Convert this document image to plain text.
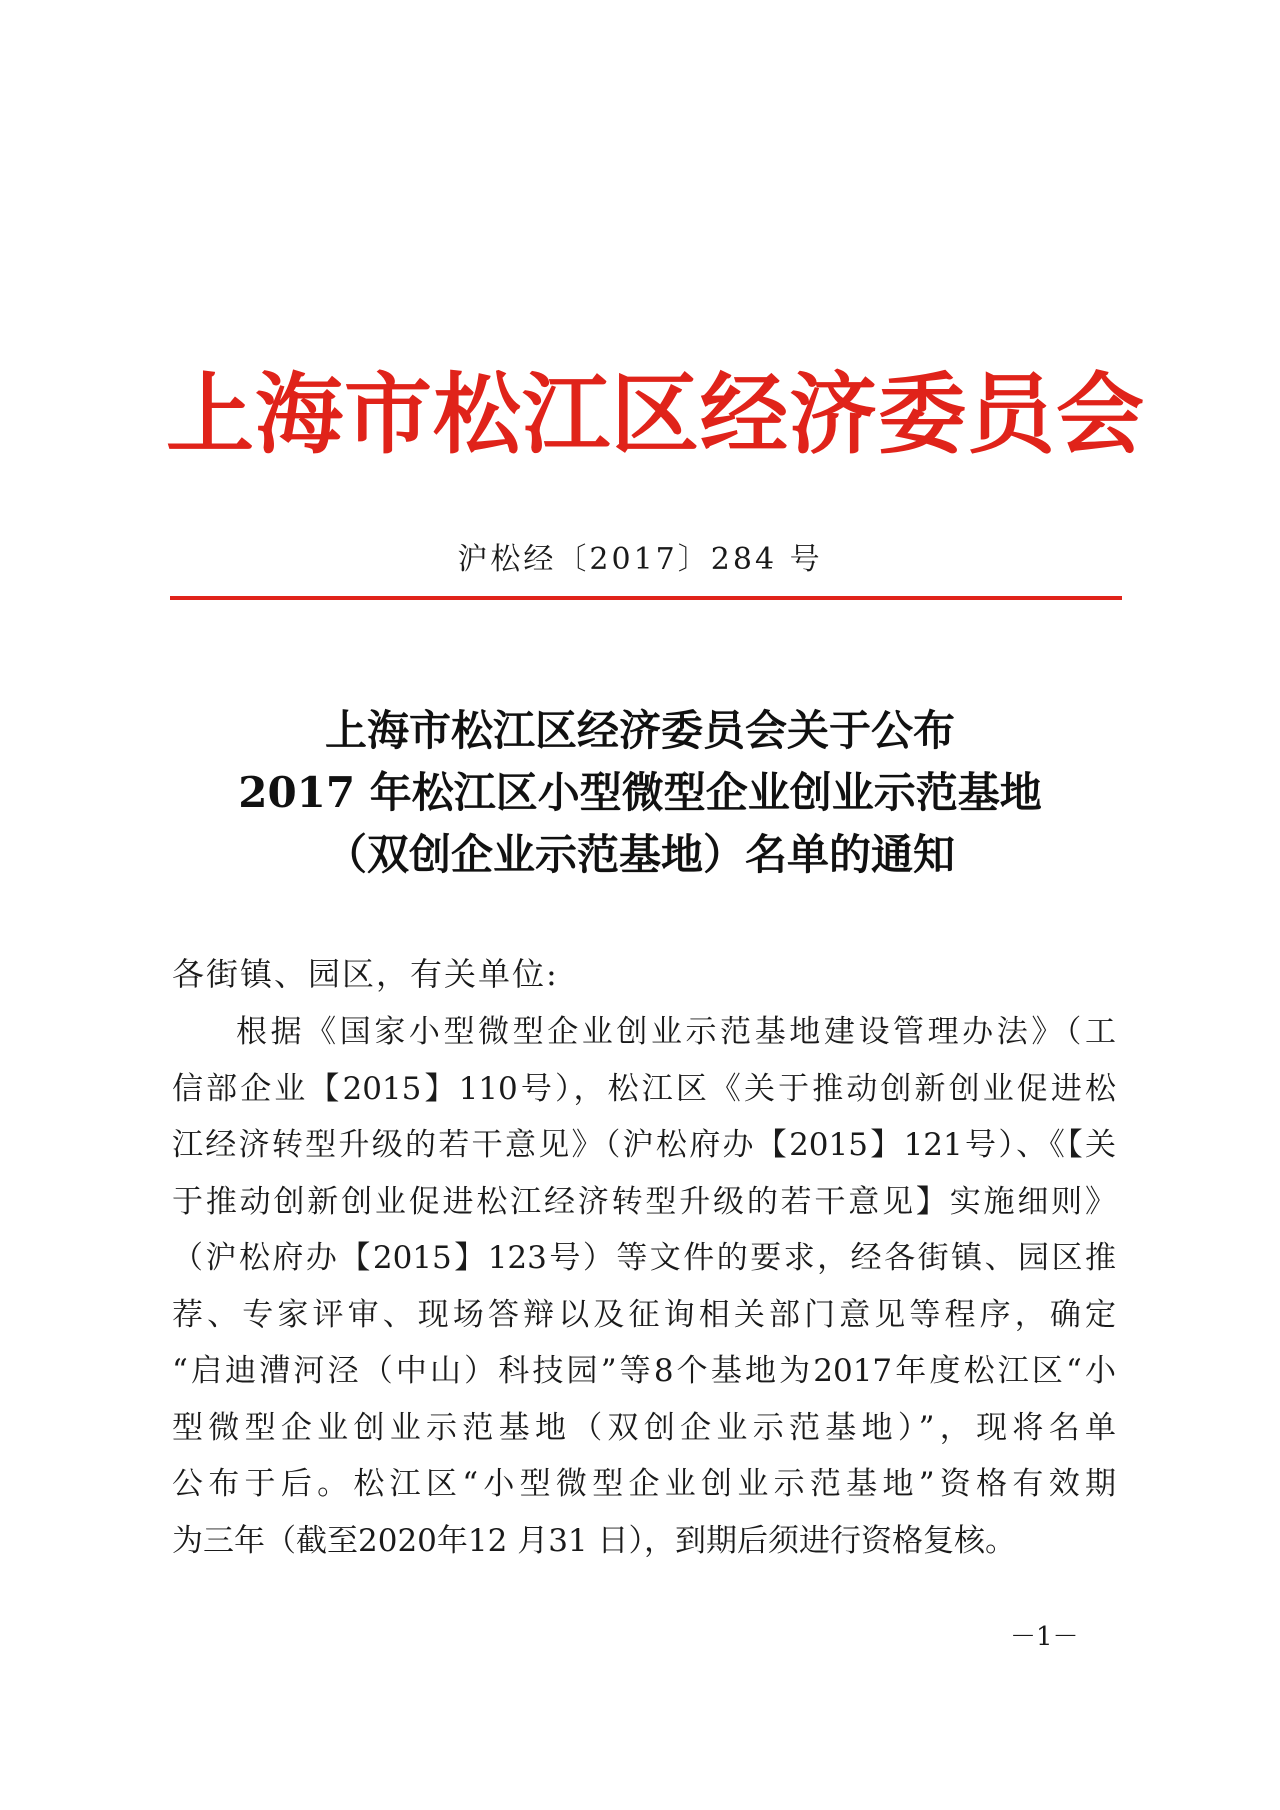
上海市松江区经济委员会
沪松经〔2017〕284 号
上海市松江区经济委员会关于公布
2017 年松江区小型微型企业创业示范基地
（双创企业示范基地）名单的通知
各街镇、园区，有关单位:
根据《国家小型微型企业创业示范基地建设管理办法》（工
信部企业【2015】110号），松江区《关于推动创新创业促进松
江经济转型升级的若干意见》（沪松府办【2015】121号）、《【关
于推动创新创业促进松江经济转型升级的若干意见】实施细则》
（沪松府办【2015】123号）等文件的要求，经各街镇、园区推
荐、专家评审、现场答辩以及征询相关部门意见等程序，确定
“启迪漕河泾（中山）科技园”等8个基地为2017年度松江区“小
型微型企业创业示范基地（双创企业示范基地）”，现将名单
公布于后。松江区“小型微型企业创业示范基地”资格有效期
为三年（截至2020年12 月31 日），到期后须进行资格复核。
－1－
